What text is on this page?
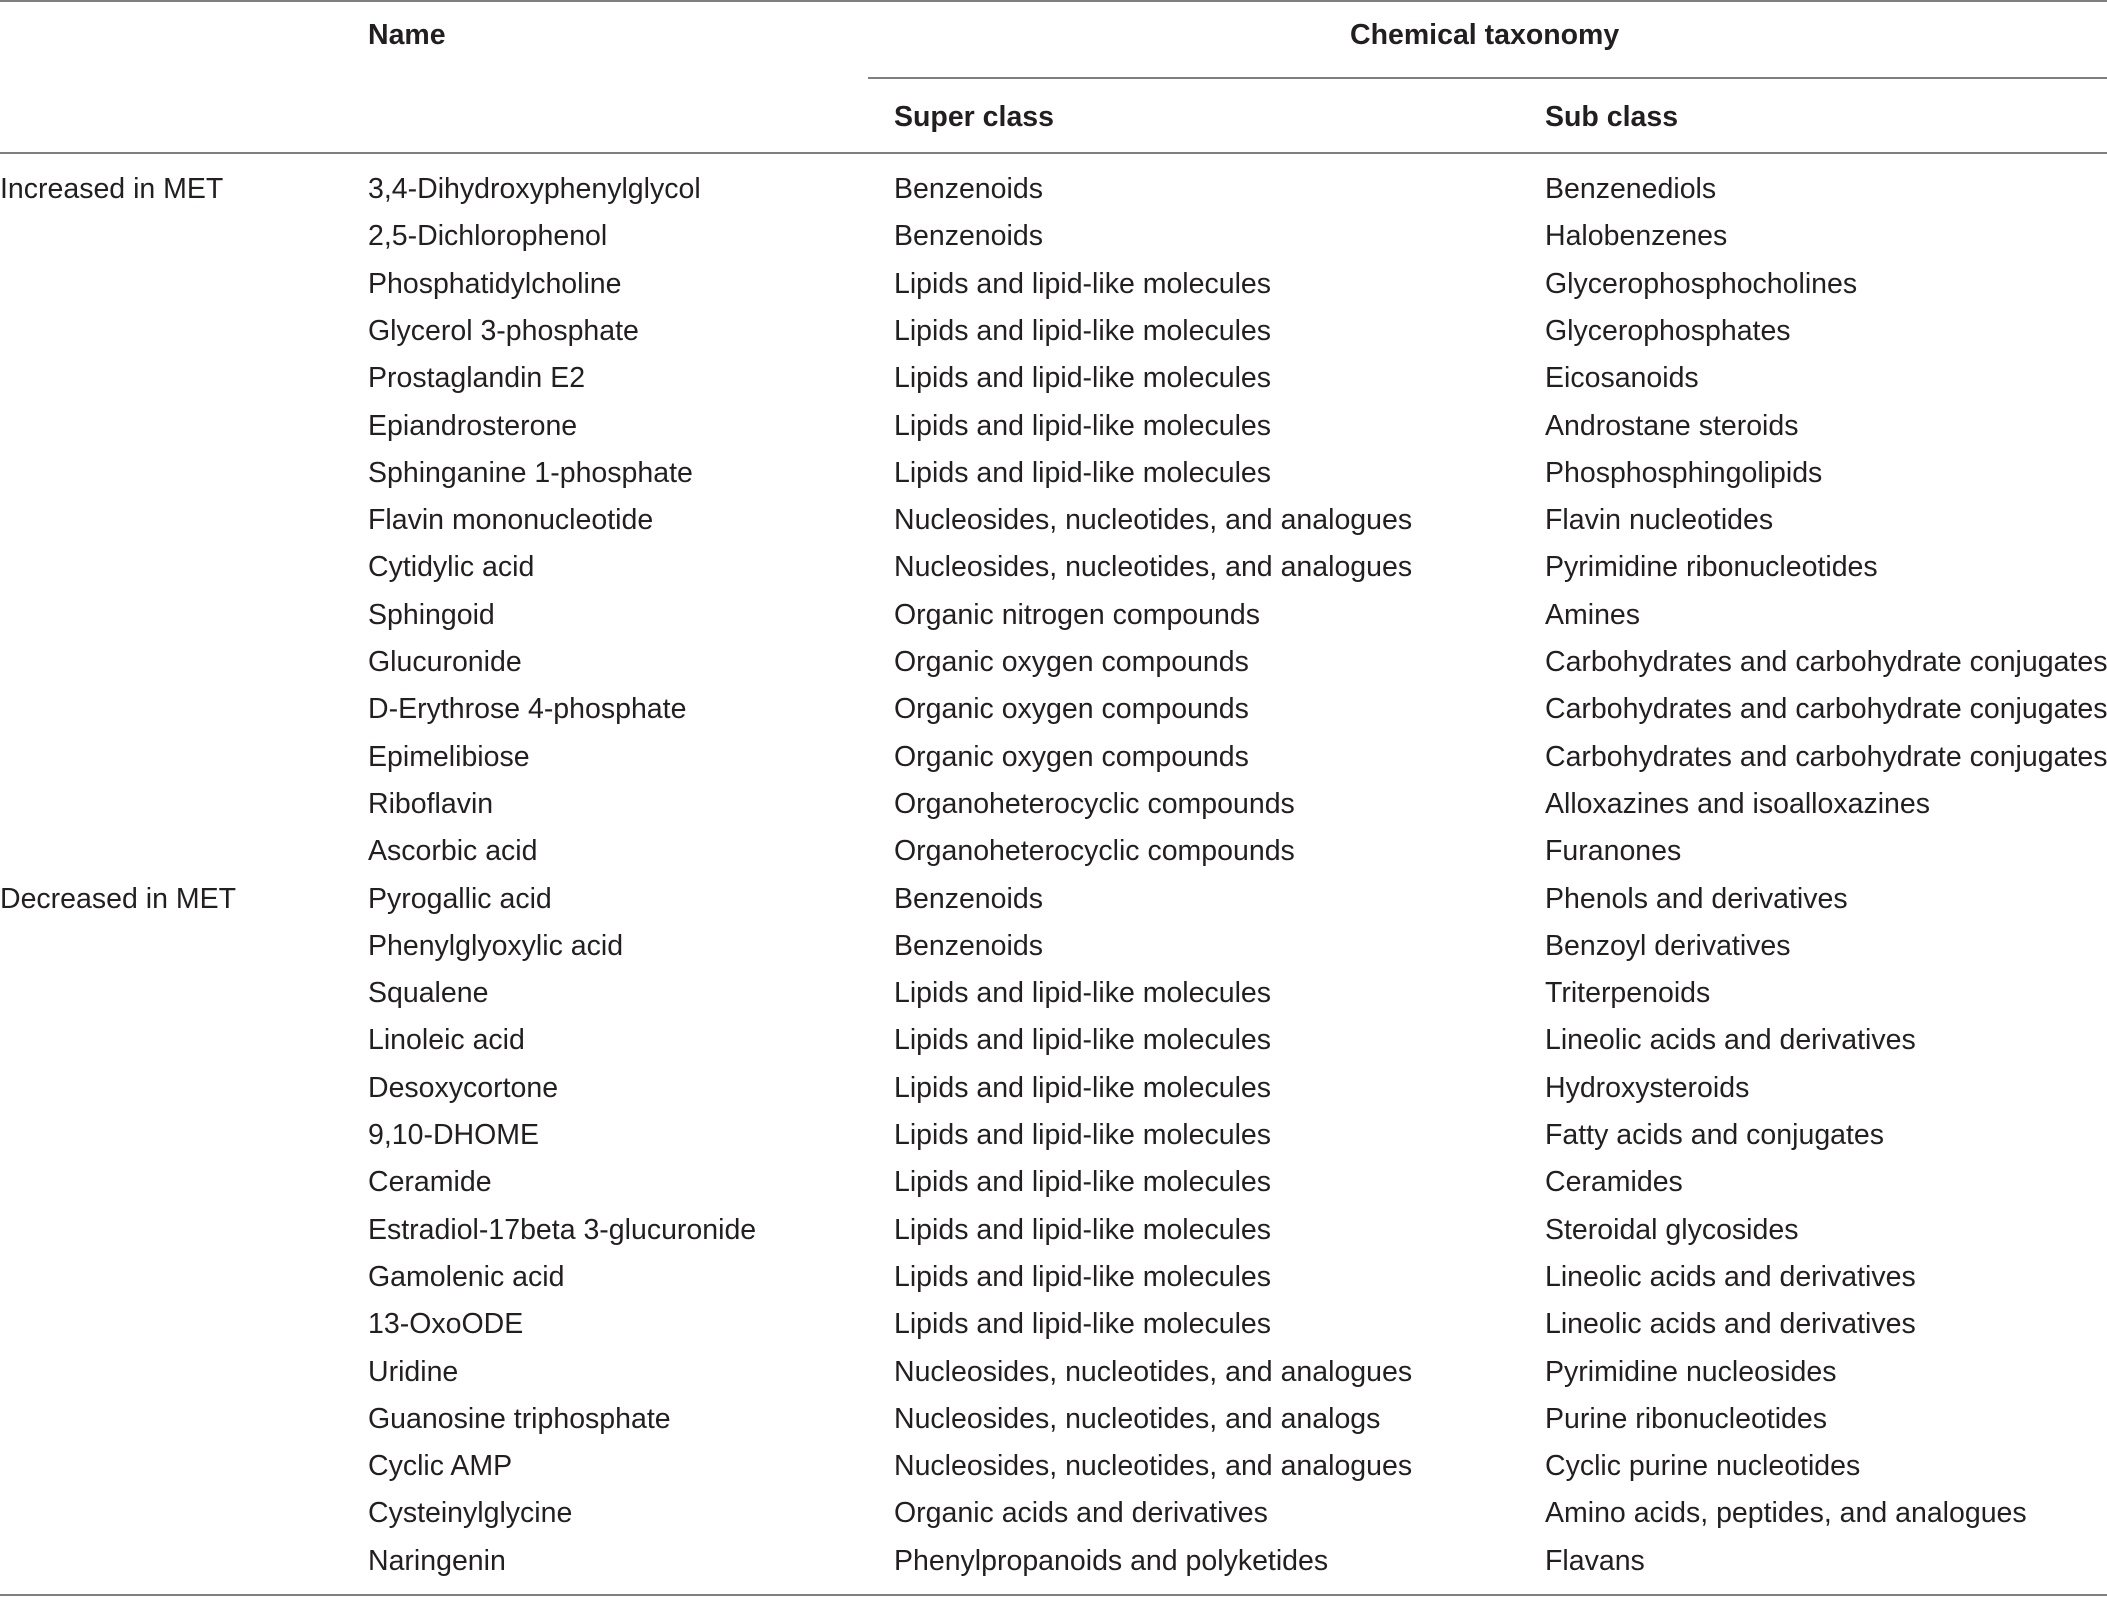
Name	Chemical taxonomy
Super class	Sub class
Increased in MET	3,4-Dihydroxyphenylglycol	Benzenoids	Benzenediols
2,5-Dichlorophenol	Benzenoids	Halobenzenes
Phosphatidylcholine	Lipids and lipid-like molecules	Glycerophosphocholines
Glycerol 3-phosphate	Lipids and lipid-like molecules	Glycerophosphates
Prostaglandin E2	Lipids and lipid-like molecules	Eicosanoids
Epiandrosterone	Lipids and lipid-like molecules	Androstane steroids
Sphinganine 1-phosphate	Lipids and lipid-like molecules	Phosphosphingolipids
Flavin mononucleotide	Nucleosides, nucleotides, and analogues	Flavin nucleotides
Cytidylic acid	Nucleosides, nucleotides, and analogues	Pyrimidine ribonucleotides
Sphingoid	Organic nitrogen compounds	Amines
Glucuronide	Organic oxygen compounds	Carbohydrates and carbohydrate conjugates
D-Erythrose 4-phosphate	Organic oxygen compounds	Carbohydrates and carbohydrate conjugates
Epimelibiose	Organic oxygen compounds	Carbohydrates and carbohydrate conjugates
Riboflavin	Organoheterocyclic compounds	Alloxazines and isoalloxazines
Ascorbic acid	Organoheterocyclic compounds	Furanones
Decreased in MET	Pyrogallic acid	Benzenoids	Phenols and derivatives
Phenylglyoxylic acid	Benzenoids	Benzoyl derivatives
Squalene	Lipids and lipid-like molecules	Triterpenoids
Linoleic acid	Lipids and lipid-like molecules	Lineolic acids and derivatives
Desoxycortone	Lipids and lipid-like molecules	Hydroxysteroids
9,10-DHOME	Lipids and lipid-like molecules	Fatty acids and conjugates
Ceramide	Lipids and lipid-like molecules	Ceramides
Estradiol-17beta 3-glucuronide	Lipids and lipid-like molecules	Steroidal glycosides
Gamolenic acid	Lipids and lipid-like molecules	Lineolic acids and derivatives
13-OxoODE	Lipids and lipid-like molecules	Lineolic acids and derivatives
Uridine	Nucleosides, nucleotides, and analogues	Pyrimidine nucleosides
Guanosine triphosphate	Nucleosides, nucleotides, and analogs	Purine ribonucleotides
Cyclic AMP	Nucleosides, nucleotides, and analogues	Cyclic purine nucleotides
Cysteinylglycine	Organic acids and derivatives	Amino acids, peptides, and analogues
Naringenin	Phenylpropanoids and polyketides	Flavans
